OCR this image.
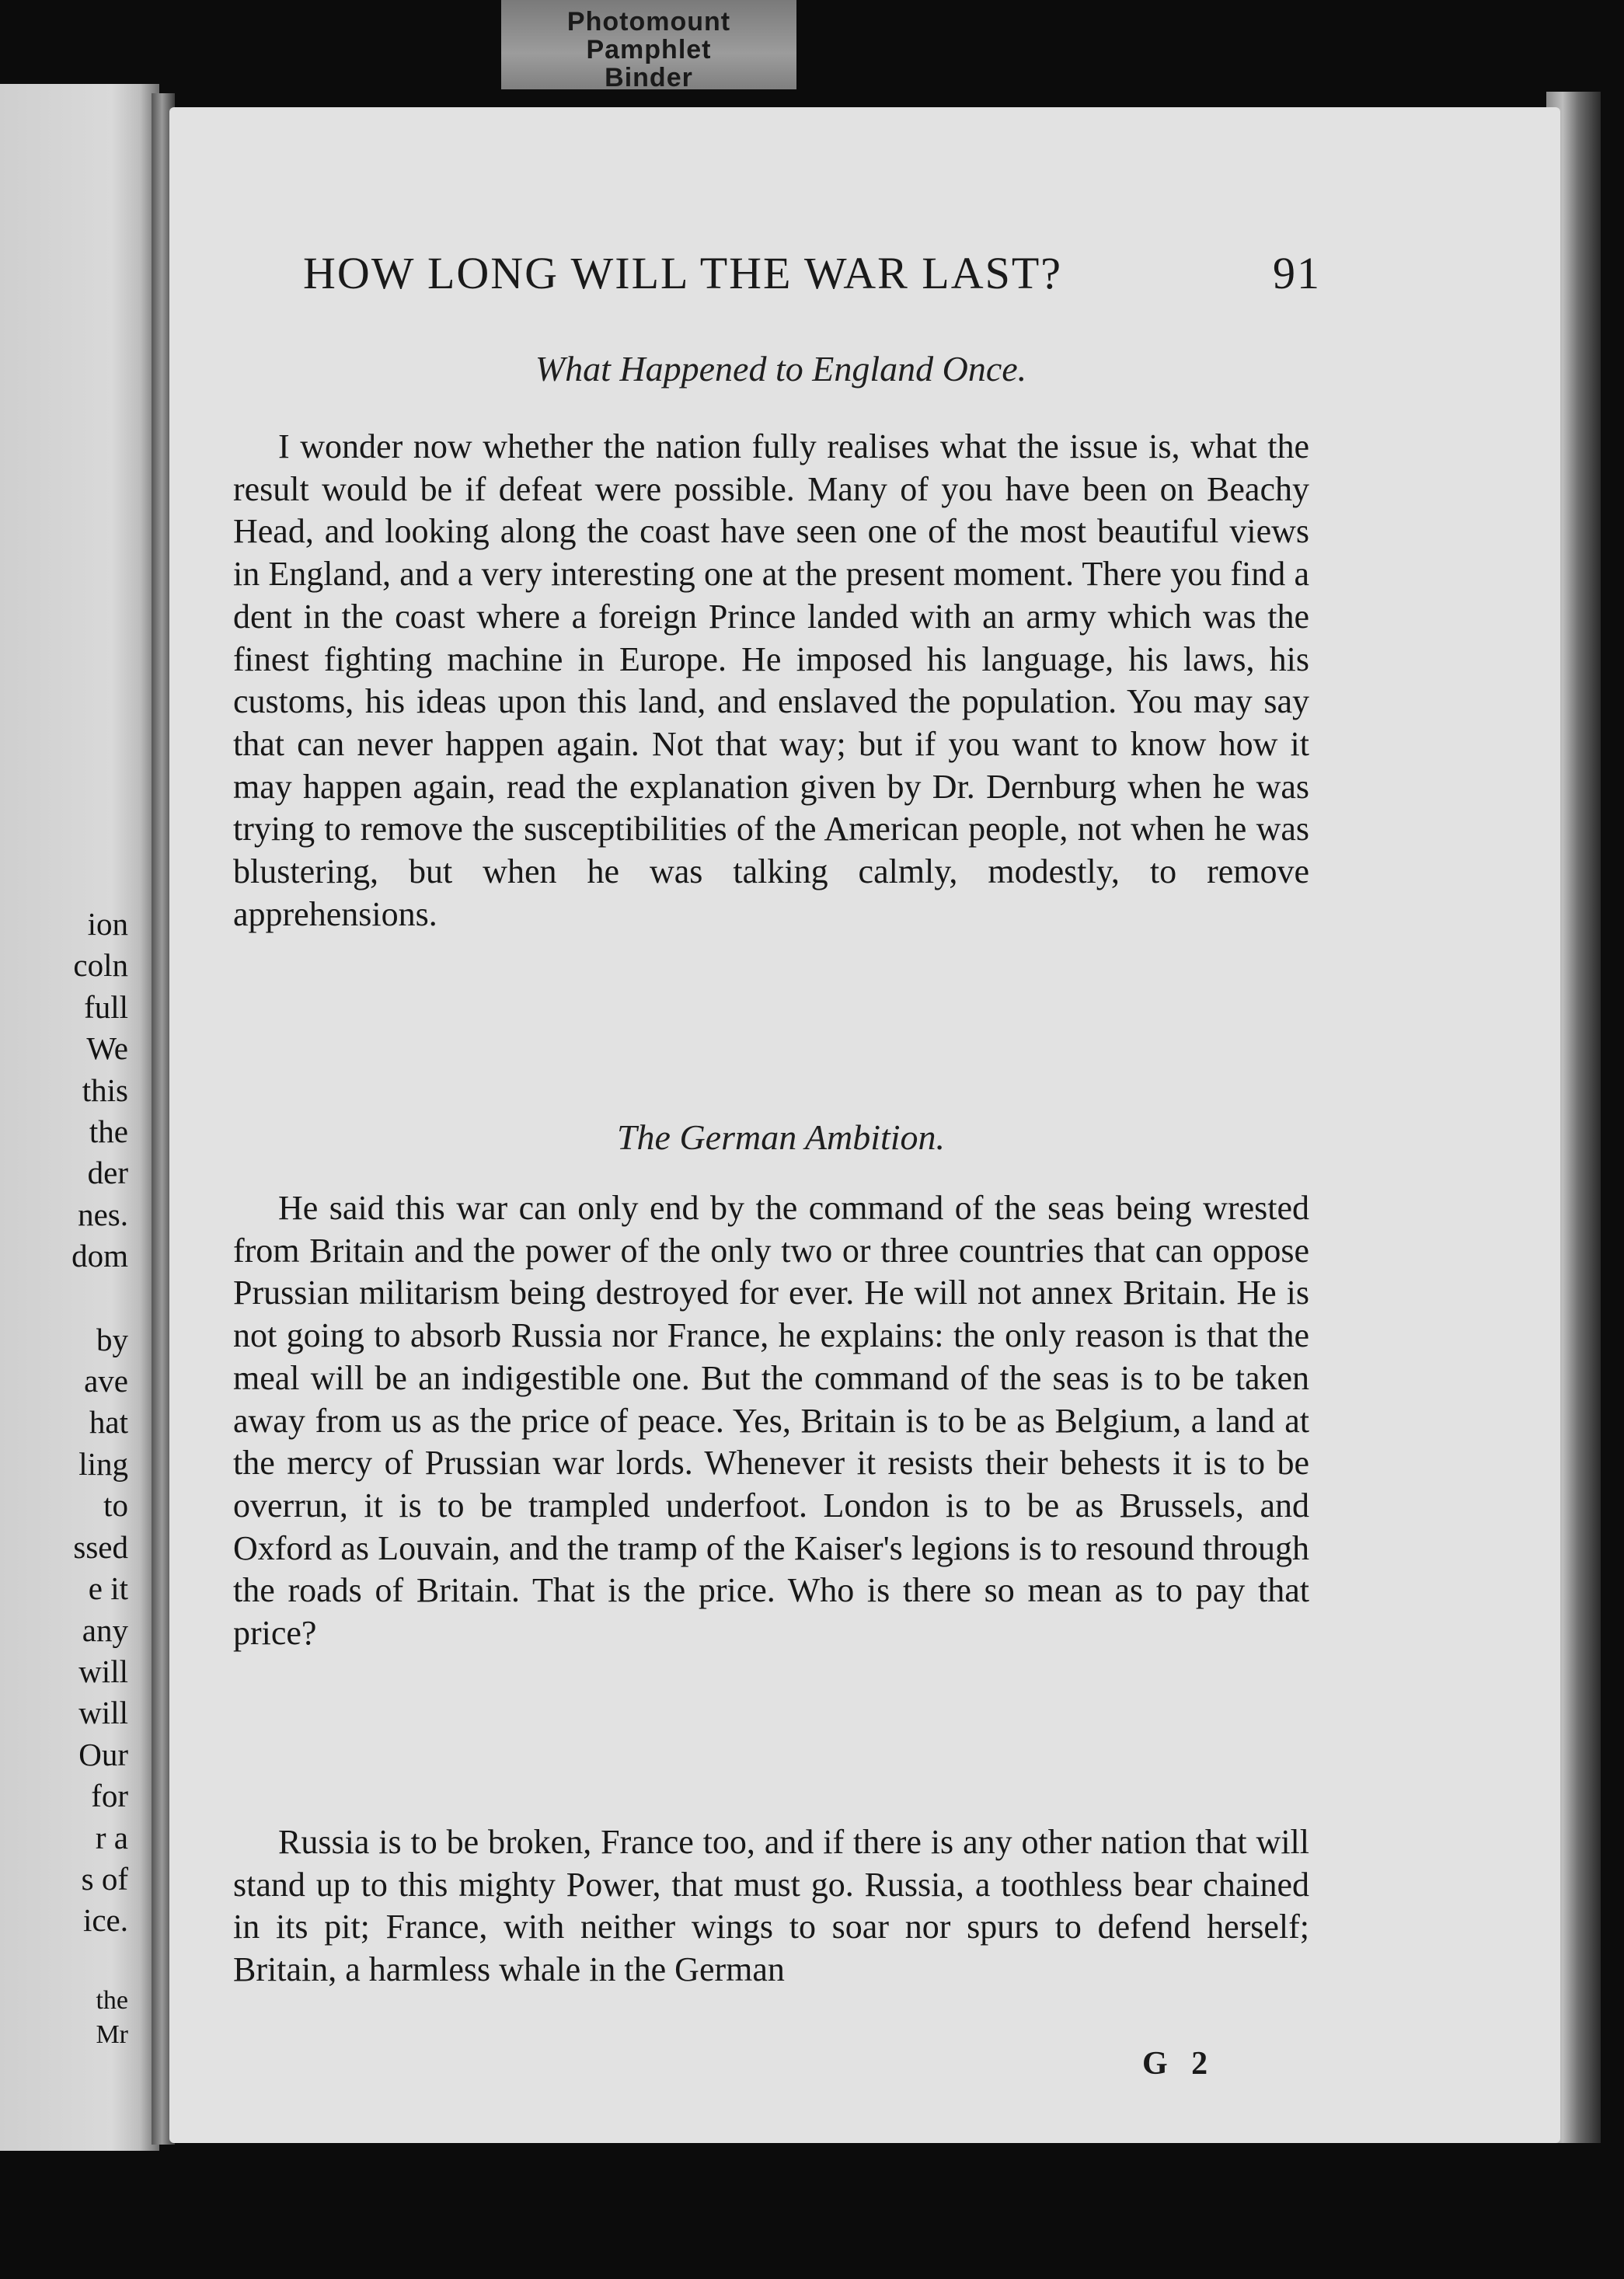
Photomount
Pamphlet
Binder
ion
coln
full
We
this
the
der
nes.
dom
by
ave
hat
ling
to
ssed
e it
any
will
will
Our
for
r a
s of
ice.
the
Mr
HOW LONG WILL THE WAR LAST?	91
What Happened to England Once.

I wonder now whether the nation fully realises what the issue is, what the result would be if defeat were possible. Many of you have been on Beachy Head, and looking along the coast have seen one of the most beautiful views in England, and a very interesting one at the present moment. There you find a dent in the coast where a foreign Prince landed with an army which was the finest fighting machine in Europe. He imposed his language, his laws, his customs, his ideas upon this land, and enslaved the population. You may say that can never happen again. Not that way; but if you want to know how it may happen again, read the explanation given by Dr. Dernburg when he was trying to remove the susceptibilities of the American people, not when he was blustering, but when he was talking calmly, modestly, to remove apprehensions.

The German Ambition.

He said this war can only end by the command of the seas being wrested from Britain and the power of the only two or three countries that can oppose Prussian militarism being destroyed for ever. He will not annex Britain. He is not going to absorb Russia nor France, he explains: the only reason is that the meal will be an indigestible one. But the command of the seas is to be taken away from us as the price of peace. Yes, Britain is to be as Belgium, a land at the mercy of Prussian war lords. Whenever it resists their behests it is to be overrun, it is to be trampled underfoot. London is to be as Brussels, and Oxford as Louvain, and the tramp of the Kaiser's legions is to resound through the roads of Britain. That is the price. Who is there so mean as to pay that price?

Russia is to be broken, France too, and if there is any other nation that will stand up to this mighty Power, that must go. Russia, a toothless bear chained in its pit; France, with neither wings to soar nor spurs to defend herself; Britain, a harmless whale in the German

G 2
